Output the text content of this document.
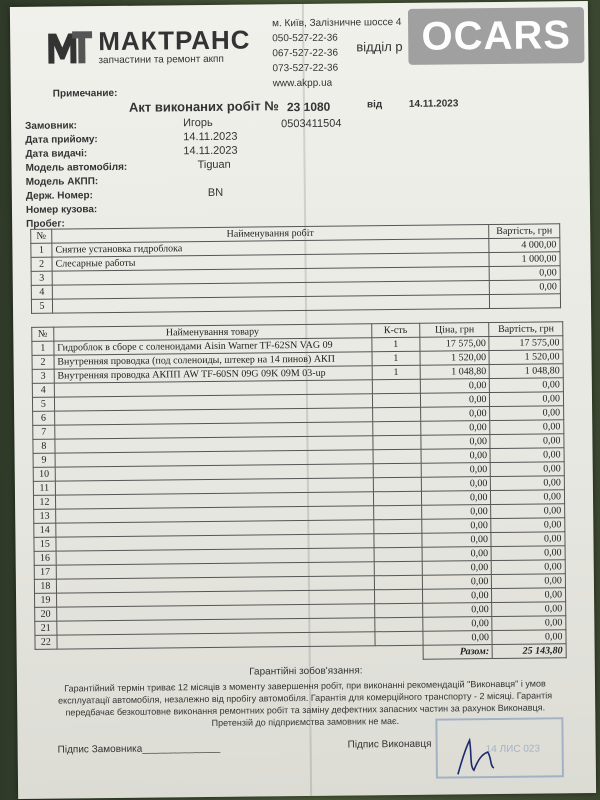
МАКТРАНС
запчастини та ремонт акпп
м. Київ, Залізничне шоссе 4
050-527-22-36
067-527-22-36
073-527-22-36
www.akpp.ua
відділ р OCARS
Примечание:
Акт виконаних робіт № 23 1080	від	14.11.2023
Замовник:	Игорь	0503411504
Дата прийому:	14.11.2023
Дата видачі:	14.11.2023
Модель автомобіля:	Tiguan
Модель АКПП:
Держ. Номер:	BN
Номер кузова:
Пробег:
№	Найменування робіт	Вартість, грн
1	Снятие установка гидроблока	4 000,00
2	Слесарные работы	1 000,00
3		0,00
4		0,00
5		
№	Найменування товару	К-сть	Ціна, грн	Вартість, грн
1	Гидроблок в сборе с соленоидами Aisin Warner TF-62SN VAG 09	1	17 575,00	17 575,00
2	Внутренняя проводка (под соленоиды, штекер на 14 пинов) АКП	1	1 520,00	1 520,00
3	Внутренняя проводка АКПП AW TF-60SN 09G 09K 09M 03-up	1	1 048,80	1 048,80
4			0,00	0,00
5			0,00	0,00
6			0,00	0,00
7			0,00	0,00
8			0,00	0,00
9			0,00	0,00
10			0,00	0,00
11			0,00	0,00
12			0,00	0,00
13			0,00	0,00
14			0,00	0,00
15			0,00	0,00
16			0,00	0,00
17			0,00	0,00
18			0,00	0,00
19			0,00	0,00
20			0,00	0,00
21			0,00	0,00
22			0,00	0,00
			Разом:	25 143,80
Гарантійні зобов'язання:
Гарантійний термін триває 12 місяців з моменту завершення робіт, при виконанні рекомендацій "Виконавця" і умов експлуатації автомобіля, незалежно від пробігу автомобіля. Гарантія для комерційного транспорту - 2 місяці. Гарантія передбачає безкоштовне виконання ремонтних робіт та заміну дефектних запасних частин за рахунок Виконавця. Претензій до підприємства замовник не має.
Підпис Замовника______________	Підпис Виконавця	14 ЛИС 023
